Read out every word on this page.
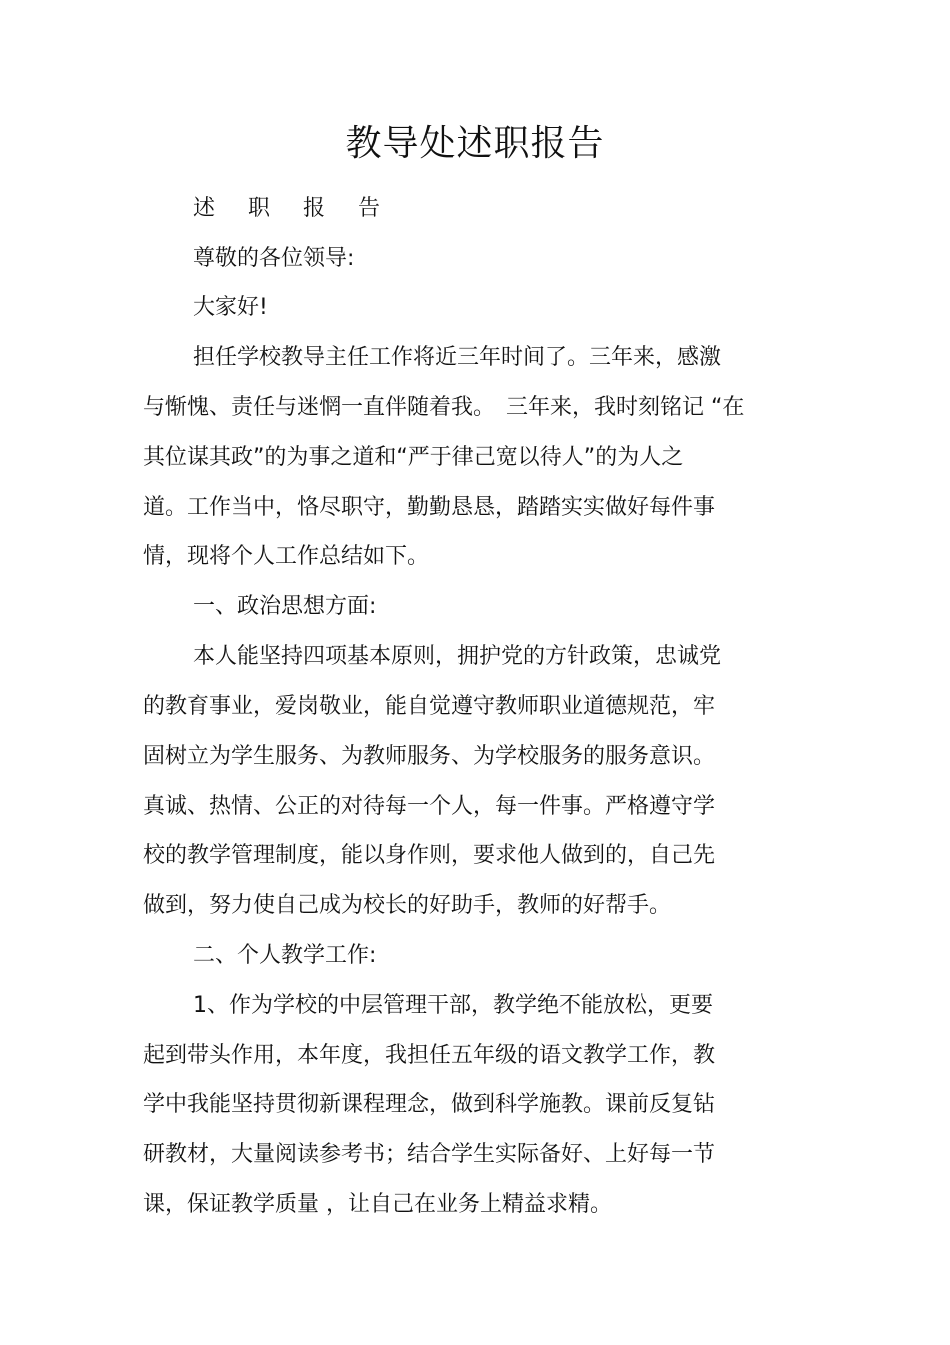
教导处述职报告

述 职 报 告

尊敬的各位领导:

大家好!

担任学校教导主任工作将近三年时间了。三年来，感激

与惭愧、责任与迷惘一直伴随着我。　三年来，我时刻铭记 “在

其位谋其政”的为事之道和“严于律己宽以待人”的为人之

道。工作当中，恪尽职守，勤勤恳恳，踏踏实实做好每件事

情，现将个人工作总结如下。

一、政治思想方面:

本人能坚持四项基本原则，拥护党的方针政策，忠诚党

的教育事业，爱岗敬业，能自觉遵守教师职业道德规范，牢

固树立为学生服务、为教师服务、为学校服务的服务意识。

真诚、热情、公正的对待每一个人，每一件事。严格遵守学

校的教学管理制度，能以身作则，要求他人做到的，自己先

做到，努力使自己成为校长的好助手，教师的好帮手。

二、个人教学工作:

1、作为学校的中层管理干部，教学绝不能放松，更要

起到带头作用，本年度，我担任五年级的语文教学工作，教

学中我能坚持贯彻新课程理念，做到科学施教。课前反复钻

研教材，大量阅读参考书；结合学生实际备好、上好每一节

课，保证教学质量 ，让自己在业务上精益求精。
